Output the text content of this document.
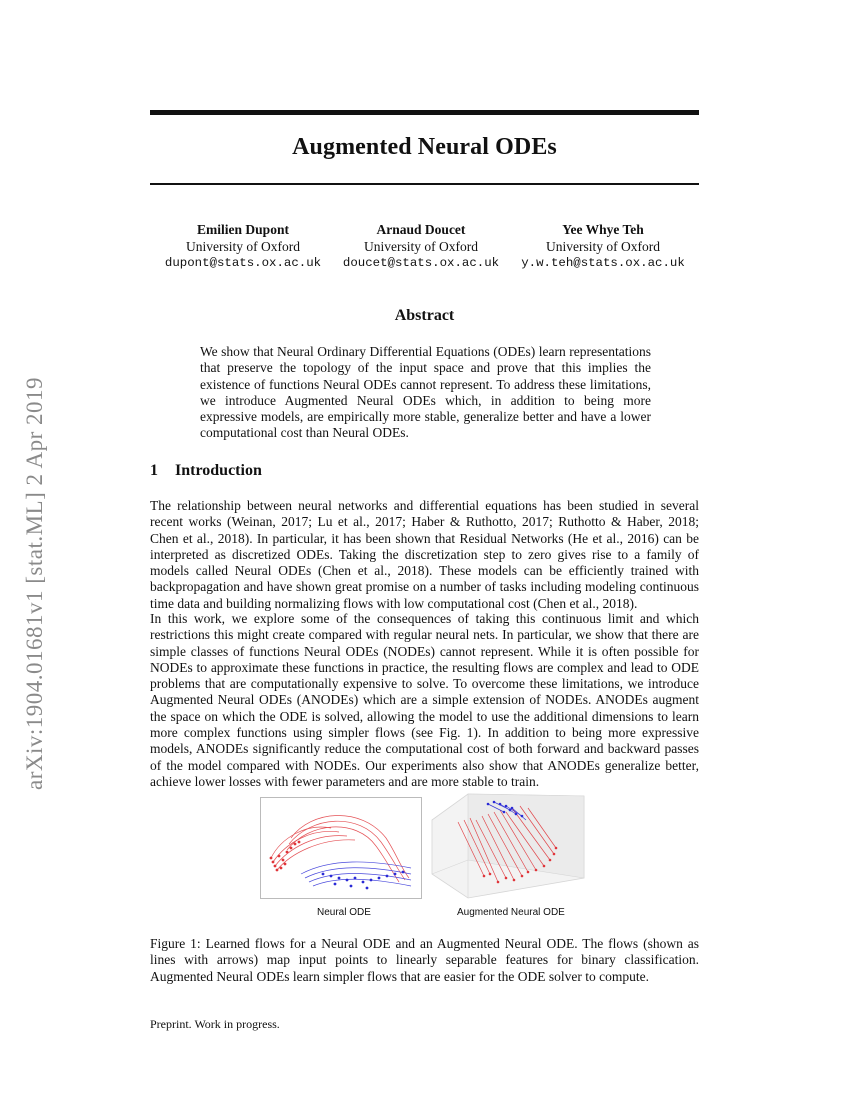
arXiv:1904.01681v1 [stat.ML] 2 Apr 2019
Augmented Neural ODEs
Emilien Dupont
University of Oxford
dupont@stats.ox.ac.uk
Arnaud Doucet
University of Oxford
doucet@stats.ox.ac.uk
Yee Whye Teh
University of Oxford
y.w.teh@stats.ox.ac.uk
Abstract
We show that Neural Ordinary Differential Equations (ODEs) learn representations that preserve the topology of the input space and prove that this implies the existence of functions Neural ODEs cannot represent. To address these limitations, we introduce Augmented Neural ODEs which, in addition to being more expressive models, are empirically more stable, generalize better and have a lower computational cost than Neural ODEs.
1 Introduction
The relationship between neural networks and differential equations has been studied in several recent works (Weinan, 2017; Lu et al., 2017; Haber & Ruthotto, 2017; Ruthotto & Haber, 2018; Chen et al., 2018). In particular, it has been shown that Residual Networks (He et al., 2016) can be interpreted as discretized ODEs. Taking the discretization step to zero gives rise to a family of models called Neural ODEs (Chen et al., 2018). These models can be efficiently trained with backpropagation and have shown great promise on a number of tasks including modeling continuous time data and building normalizing flows with low computational cost (Chen et al., 2018).
In this work, we explore some of the consequences of taking this continuous limit and which restrictions this might create compared with regular neural nets. In particular, we show that there are simple classes of functions Neural ODEs (NODEs) cannot represent. While it is often possible for NODEs to approximate these functions in practice, the resulting flows are complex and lead to ODE problems that are computationally expensive to solve. To overcome these limitations, we introduce Augmented Neural ODEs (ANODEs) which are a simple extension of NODEs. ANODEs augment the space on which the ODE is solved, allowing the model to use the additional dimensions to learn more complex functions using simpler flows (see Fig. 1). In addition to being more expressive models, ANODEs significantly reduce the computational cost of both forward and backward passes of the model compared with NODEs. Our experiments also show that ANODEs generalize better, achieve lower losses with fewer parameters and are more stable to train.
Neural ODE	Augmented Neural ODE
Figure 1: Learned flows for a Neural ODE and an Augmented Neural ODE. The flows (shown as lines with arrows) map input points to linearly separable features for binary classification. Augmented Neural ODEs learn simpler flows that are easier for the ODE solver to compute.
Preprint. Work in progress.
